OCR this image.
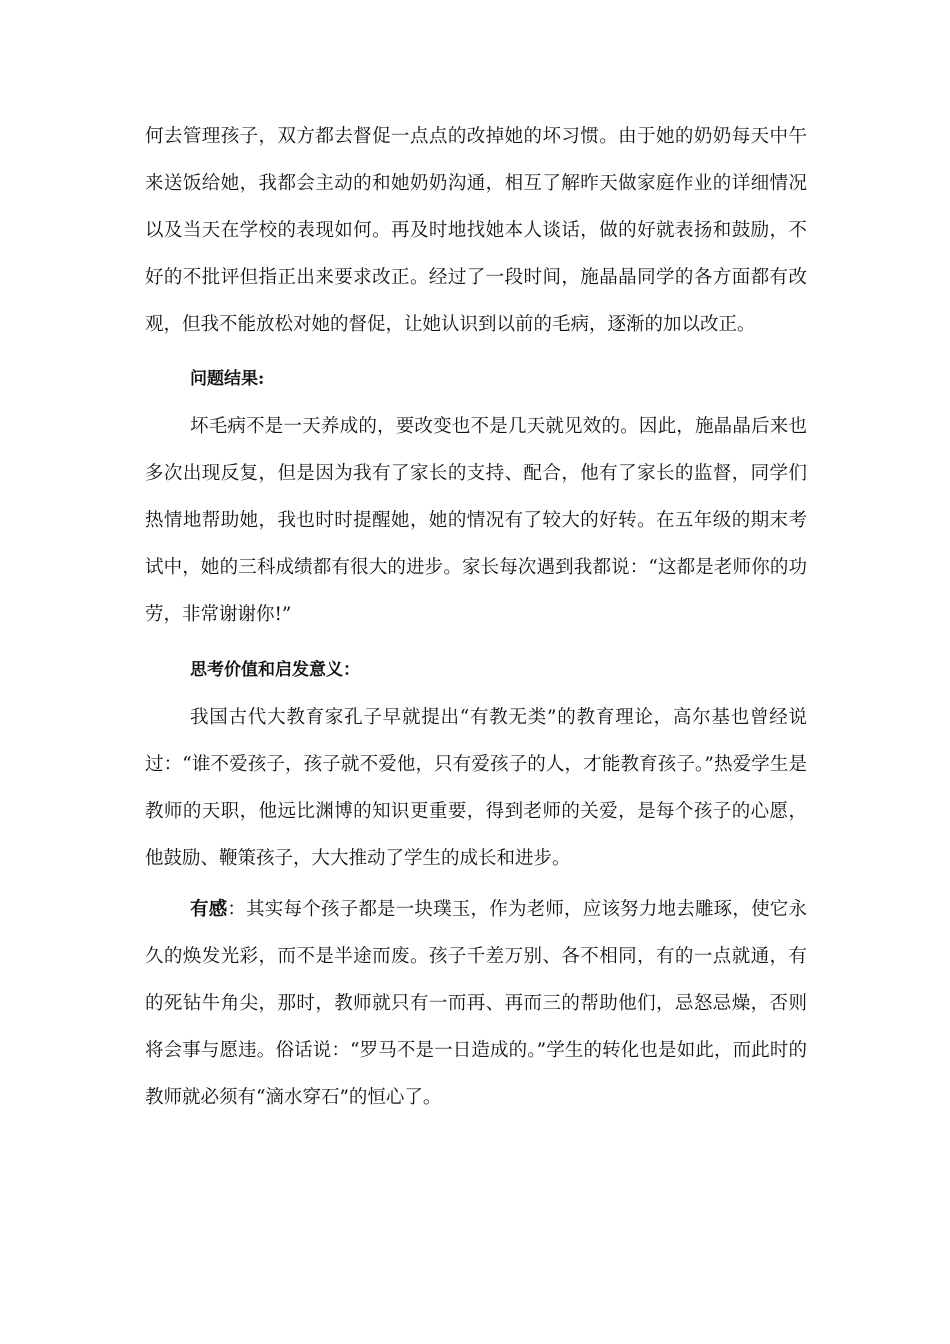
何去管理孩子，双方都去督促一点点的改掉她的坏习惯。由于她的奶奶每天中午来送饭给她，我都会主动的和她奶奶沟通，相互了解昨天做家庭作业的详细情况以及当天在学校的表现如何。再及时地找她本人谈话，做的好就表扬和鼓励，不好的不批评但指正出来要求改正。经过了一段时间，施晶晶同学的各方面都有改观，但我不能放松对她的督促，让她认识到以前的毛病，逐渐的加以改正。
问题结果:
坏毛病不是一天养成的，要改变也不是几天就见效的。因此，施晶晶后来也多次出现反复，但是因为我有了家长的支持、配合，他有了家长的监督，同学们热情地帮助她，我也时时提醒她，她的情况有了较大的好转。在五年级的期末考试中，她的三科成绩都有很大的进步。家长每次遇到我都说：“这都是老师你的功劳，非常谢谢你!”
思考价值和启发意义：
我国古代大教育家孔子早就提出“有教无类”的教育理论，高尔基也曾经说过：“谁不爱孩子，孩子就不爱他，只有爱孩子的人，才能教育孩子。”热爱学生是教师的天职，他远比渊博的知识更重要，得到老师的关爱，是每个孩子的心愿，他鼓励、鞭策孩子，大大推动了学生的成长和进步。
有感：其实每个孩子都是一块璞玉，作为老师，应该努力地去雕琢，使它永久的焕发光彩，而不是半途而废。孩子千差万别、各不相同，有的一点就通，有的死钻牛角尖，那时，教师就只有一而再、再而三的帮助他们，忌怒忌燥，否则将会事与愿违。俗话说：“罗马不是一日造成的。”学生的转化也是如此，而此时的教师就必须有“滴水穿石”的恒心了。
